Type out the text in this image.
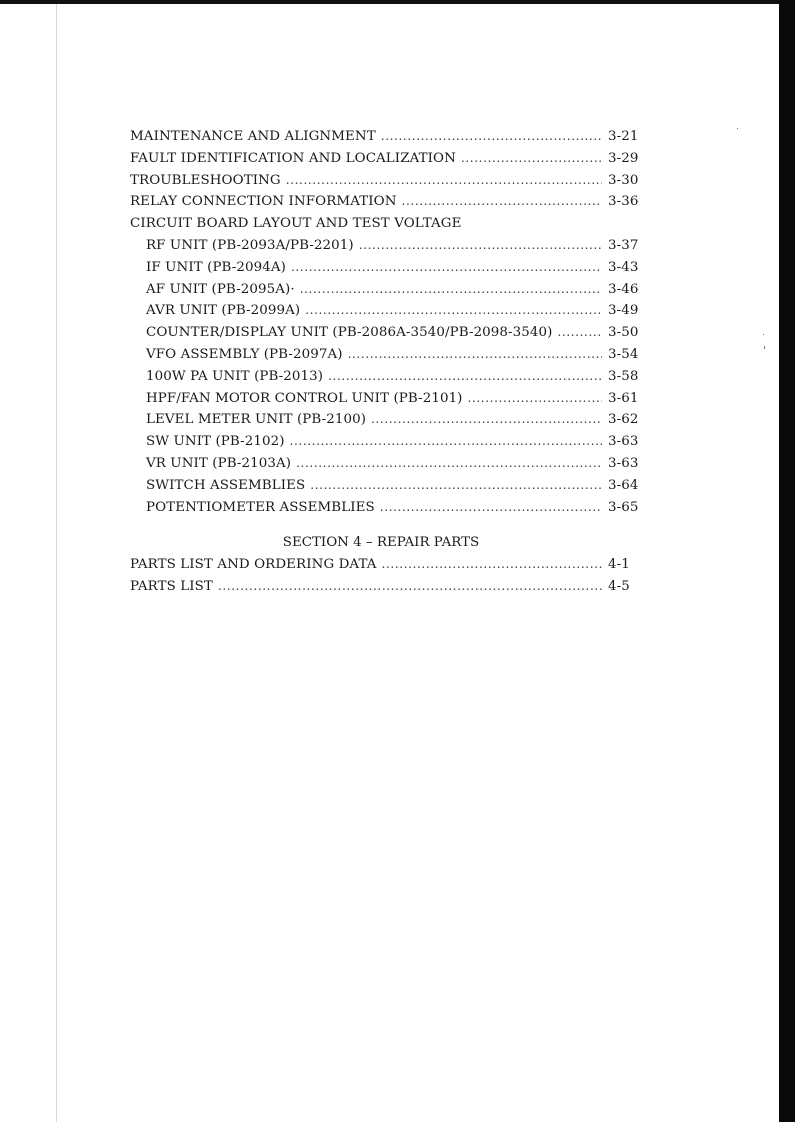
MAINTENANCE AND ALIGNMENT . . .	3-21
FAULT IDENTIFICATION AND LOCALIZATION . . .	3-29
TROUBLESHOOTING . . .	3-30
RELAY CONNECTION INFORMATION . . .	3-36
CIRCUIT BOARD LAYOUT AND TEST VOLTAGE
RF UNIT (PB-2093A/PB-2201) . . .	3-37
IF UNIT (PB-2094A) . . .	3-43
AF UNIT (PB-2095A)· . . .	3-46
AVR UNIT (PB-2099A) . . .	3-49
COUNTER/DISPLAY UNIT (PB-2086A-3540/PB-2098-3540) . . .	3-50
VFO ASSEMBLY (PB-2097A) . . .	3-54
100W PA UNIT (PB-2013) . . .	3-58
HPF/FAN MOTOR CONTROL UNIT (PB-2101) . . .	3-61
LEVEL METER UNIT (PB-2100) . . .	3-62
SW UNIT (PB-2102) . . .	3-63
VR UNIT (PB-2103A) . . .	3-63
SWITCH ASSEMBLIES . . .	3-64
POTENTIOMETER ASSEMBLIES . . .	3-65
SECTION 4 – REPAIR PARTS
PARTS LIST AND ORDERING DATA . . .	4-1
PARTS LIST . . .	4-5
